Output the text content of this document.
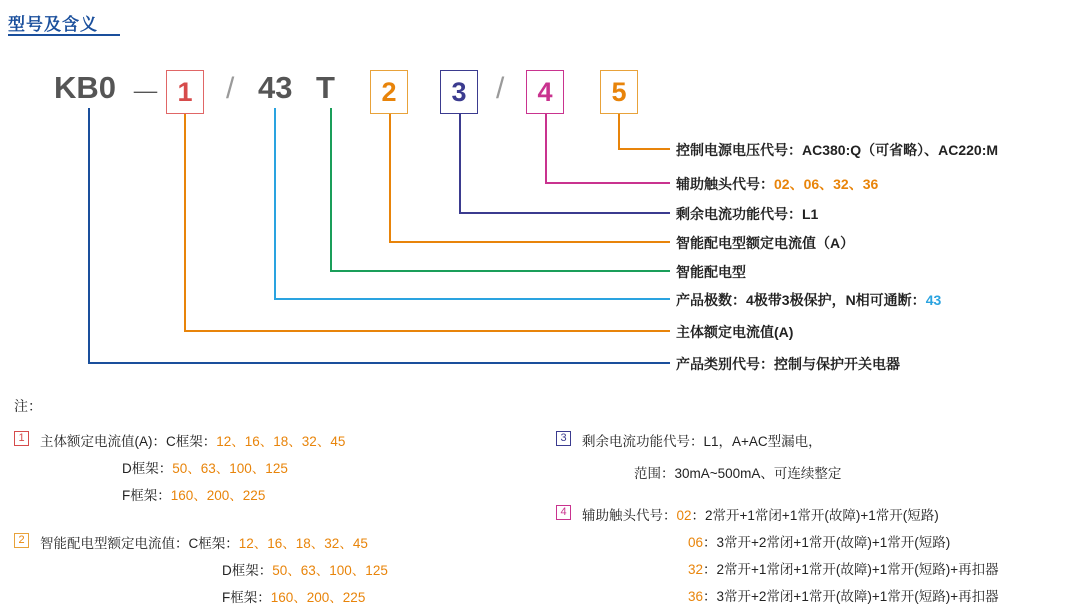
型号及含义
KB0 － 1	/ 43 T	2	3 /	4	5
控制电源电压代号：AC380:Q（可省略）、AC220:M
辅助触头代号：02、06、32、36
剩余电流功能代号：L1
智能配电型额定电流值（A）
智能配电型
产品极数：4极带3极保护，N相可通断：43
主体额定电流值(A)
产品类别代号：控制与保护开关电器
注：
1	主体额定电流值(A)：C框架：12、16、18、32、45
D框架：50、63、100、125
F框架：160、200、225
2	智能配电型额定电流值：C框架：12、16、18、32、45
D框架：50、63、100、125
F框架：160、200、225
3	剩余电流功能代号：L1，A+AC型漏电，
范围：30mA~500mA、可连续整定
4	辅助触头代号：02：2常开+1常闭+1常开(故障)+1常开(短路)
06：3常开+2常闭+1常开(故障)+1常开(短路)
32：2常开+1常闭+1常开(故障)+1常开(短路)+再扣器
36：3常开+2常闭+1常开(故障)+1常开(短路)+再扣器
